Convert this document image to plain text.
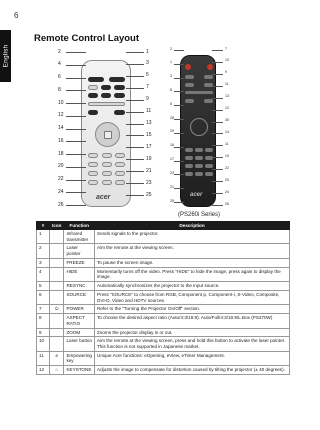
English
6
Remote Control Layout
acer
2
4
6
8
10
12
14
16
18
20
22
24
26
1
3
5
7
9
11
13
15
17
19
21
23
25	acer
2
1
3
8
6
28
29
16
17
23
21
25
7
10
9
11
13
12
30
14
11
19
22
20
24
26
(PS260i Series)
#	Icon	Function	Description
1		Infrared transmitter	Sends signals to the projector.
2		Laser pointer	Aim the remote at the viewing screen.
3		FREEZE	To pause the screen image.
4		HIDE	Momentarily turns off the video. Press "HIDE" to hide the image, press again to display the image.
5		RESYNC	Automatically synchronizes the projector to the input source.
6		SOURCE	Press "SOURCE" to choose from RGB, Component p, Component-i, S-Video, Composite, DVI-D, Video and HDTV sources.
7	⏻	POWER	Refer to the "Turning the Projector On/Off" section.
8		ASPECT RATIO	To choose the desired aspect ratio (Auto/4:3/16:9). Auto/Full/4:3/16:9/L.Box (PS370W)
9		ZOOM	Zooms the projector display in or out.
10		Laser button	Aim the remote at the viewing screen, press and hold this button to activate the laser pointer. This function is not supported in Japanese market.
11	e	Empowering key	Unique Acer functions: eOpening, eView, eTimer Management.
12	⌂	KEYSTONE	Adjusts the image to compensate for distortion caused by tilting the projector (± 40 degrees).
